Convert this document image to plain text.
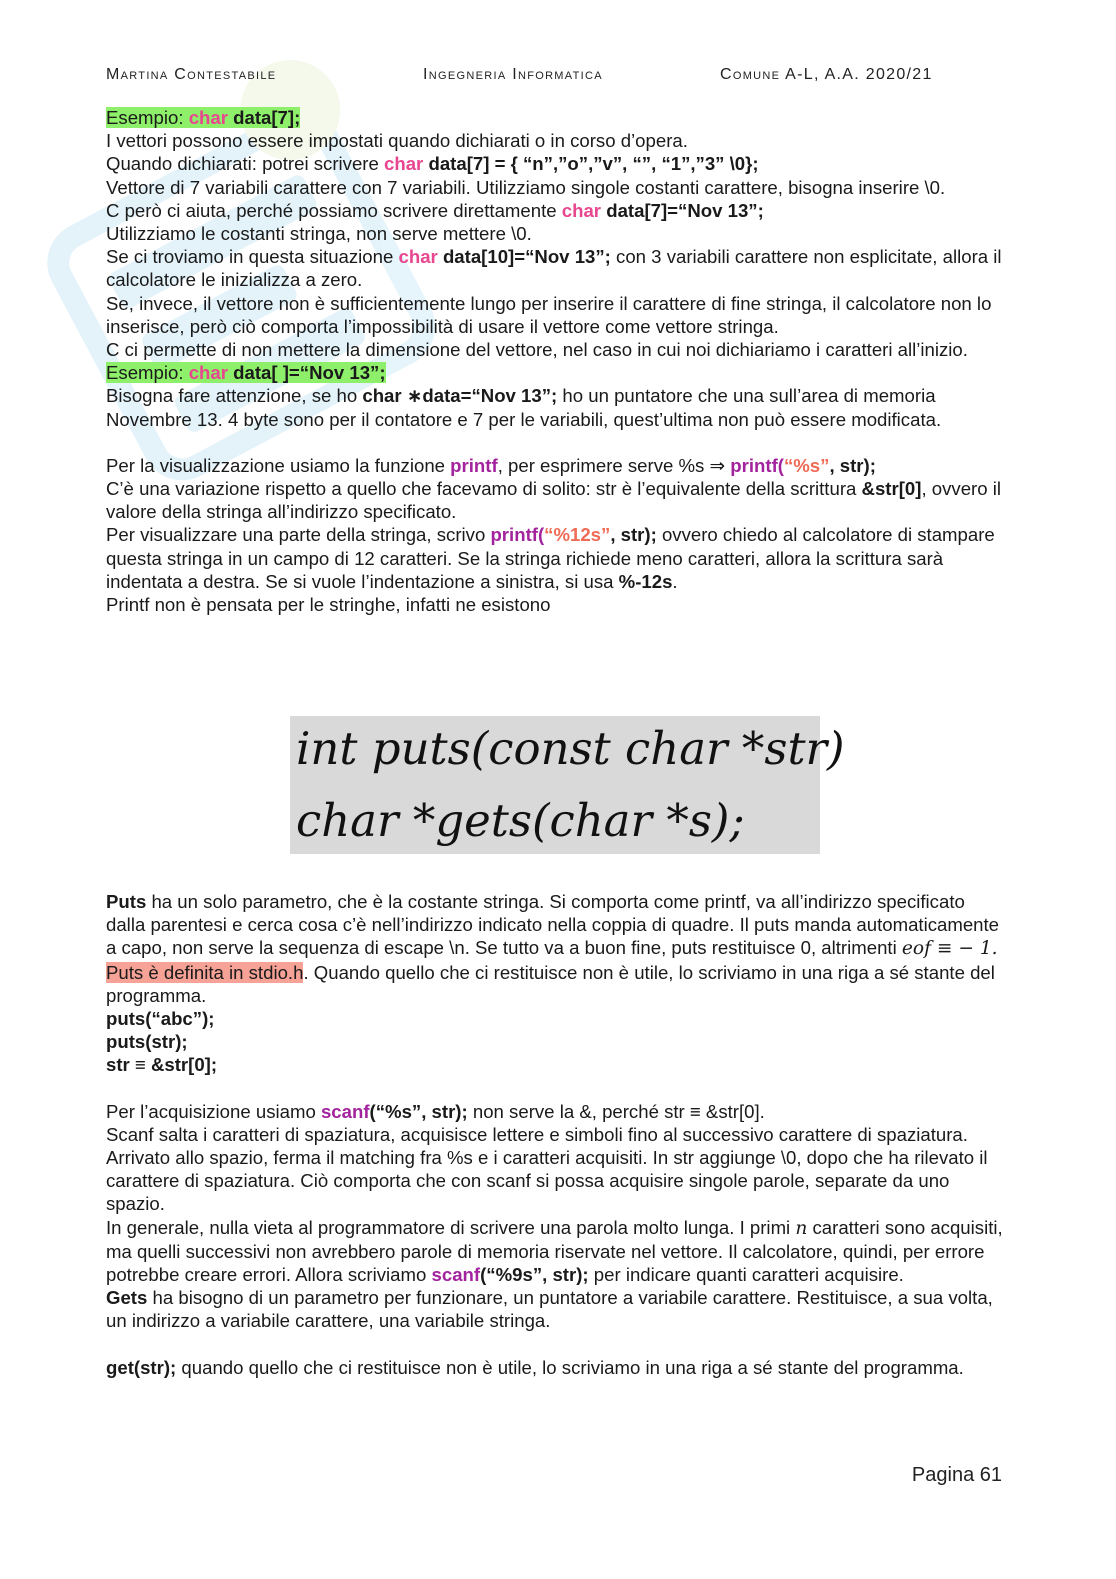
Martina Contestabile	Ingegneria Informatica	Comune A-L, A.A. 2020/21

Esempio: char data[7];

I vettori possono essere impostati quando dichiarati o in corso d’opera.

Quando dichiarati: potrei scrivere char data[7] = { “n”,”o”,”v”, “”, “1”,”3” \0};

Vettore di 7 variabili carattere con 7 variabili. Utilizziamo singole costanti carattere, bisogna inserire \0.

C però ci aiuta, perché possiamo scrivere direttamente char data[7]=“Nov 13”;

Utilizziamo le costanti stringa, non serve mettere \0.

Se ci troviamo in questa situazione char data[10]=“Nov 13”; con 3 variabili carattere non esplicitate, allora il calcolatore le inizializza a zero.

Se, invece, il vettore non è sufficientemente lungo per inserire il carattere di fine stringa, il calcolatore non lo inserisce, però ciò comporta l’impossibilità di usare il vettore come vettore stringa.

C ci permette di non mettere la dimensione del vettore, nel caso in cui noi dichiariamo i caratteri all’inizio. Esempio: char data[ ]=“Nov 13”;

Bisogna fare attenzione, se ho char ∗data=“Nov 13”; ho un puntatore che una sull’area di memoria Novembre 13. 4 byte sono per il contatore e 7 per le variabili, quest’ultima non può essere modificata.

Per la visualizzazione usiamo la funzione printf, per esprimere serve %s ⇒ printf(“%s”, str);

C’è una variazione rispetto a quello che facevamo di solito: str è l’equivalente della scrittura &str[0], ovvero il valore della stringa all’indirizzo specificato.

Per visualizzare una parte della stringa, scrivo printf(“%12s”, str); ovvero chiedo al calcolatore di stampare questa stringa in un campo di 12 caratteri. Se la stringa richiede meno caratteri, allora la scrittura sarà indentata a destra. Se si vuole l’indentazione a sinistra, si usa %-12s.

Printf non è pensata per le stringhe, infatti ne esistono

int puts(const char *str)
char *gets(char *s);

Puts ha un solo parametro, che è la costante stringa. Si comporta come printf, va all’indirizzo specificato dalla parentesi e cerca cosa c’è nell’indirizzo indicato nella coppia di quadre. Il puts manda automaticamente a capo, non serve la sequenza di escape \n. Se tutto va a buon fine, puts restituisce 0, altrimenti eof ≡ − 1. Puts è definita in stdio.h. Quando quello che ci restituisce non è utile, lo scriviamo in una riga a sé stante del programma.

puts(“abc”);

puts(str);

str ≡ &str[0];

Per l’acquisizione usiamo scanf(“%s”, str); non serve la &, perché str ≡ &str[0].

Scanf salta i caratteri di spaziatura, acquisisce lettere e simboli fino al successivo carattere di spaziatura. Arrivato allo spazio, ferma il matching fra %s e i caratteri acquisiti. In str aggiunge \0, dopo che ha rilevato il carattere di spaziatura. Ciò comporta che con scanf si possa acquisire singole parole, separate da uno spazio.

In generale, nulla vieta al programmatore di scrivere una parola molto lunga. I primi n caratteri sono acquisiti, ma quelli successivi non avrebbero parole di memoria riservate nel vettore. Il calcolatore, quindi, per errore potrebbe creare errori. Allora scriviamo scanf(“%9s”, str); per indicare quanti caratteri acquisire.

Gets ha bisogno di un parametro per funzionare, un puntatore a variabile carattere. Restituisce, a sua volta, un indirizzo a variabile carattere, una variabile stringa.

get(str); quando quello che ci restituisce non è utile, lo scriviamo in una riga a sé stante del programma.

Pagina 61
